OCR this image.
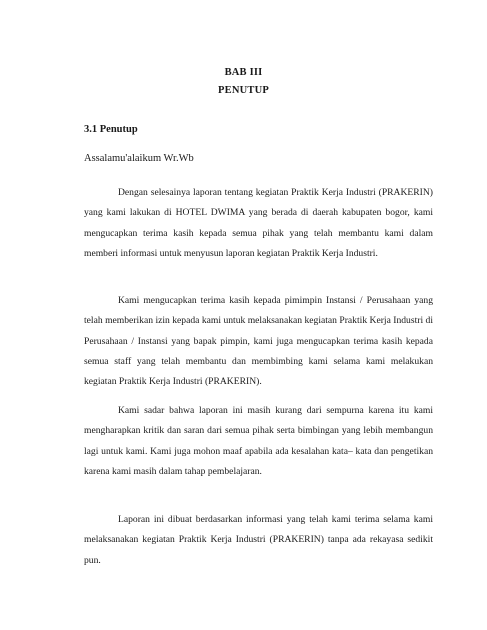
BAB III
PENUTUP
3.1 Penutup
Assalamu'alaikum Wr.Wb

Dengan selesainya laporan tentang kegiatan Praktik Kerja Industri (PRAKERIN) yang kami lakukan di HOTEL DWIMA yang berada di daerah kabupaten bogor, kami mengucapkan terima kasih kepada semua pihak yang telah membantu kami dalam memberi informasi untuk menyusun laporan kegiatan Praktik Kerja Industri.

Kami mengucapkan terima kasih kepada pimimpin Instansi / Perusahaan yang telah memberikan izin kepada kami untuk melaksanakan kegiatan Praktik Kerja Industri di Perusahaan / Instansi yang bapak pimpin, kami juga mengucapkan terima kasih kepada semua staff yang telah membantu dan membimbing kami selama kami melakukan kegiatan Praktik Kerja Industri (PRAKERIN).

Kami sadar bahwa laporan ini masih kurang dari sempurna karena itu kami mengharapkan kritik dan saran dari semua pihak serta bimbingan yang lebih membangun lagi untuk kami. Kami juga mohon maaf apabila ada kesalahan kata– kata dan pengetikan karena kami masih dalam tahap pembelajaran.

Laporan ini dibuat berdasarkan informasi yang telah kami terima selama kami melaksanakan kegiatan Praktik Kerja Industri (PRAKERIN) tanpa ada rekayasa sedikit pun.
